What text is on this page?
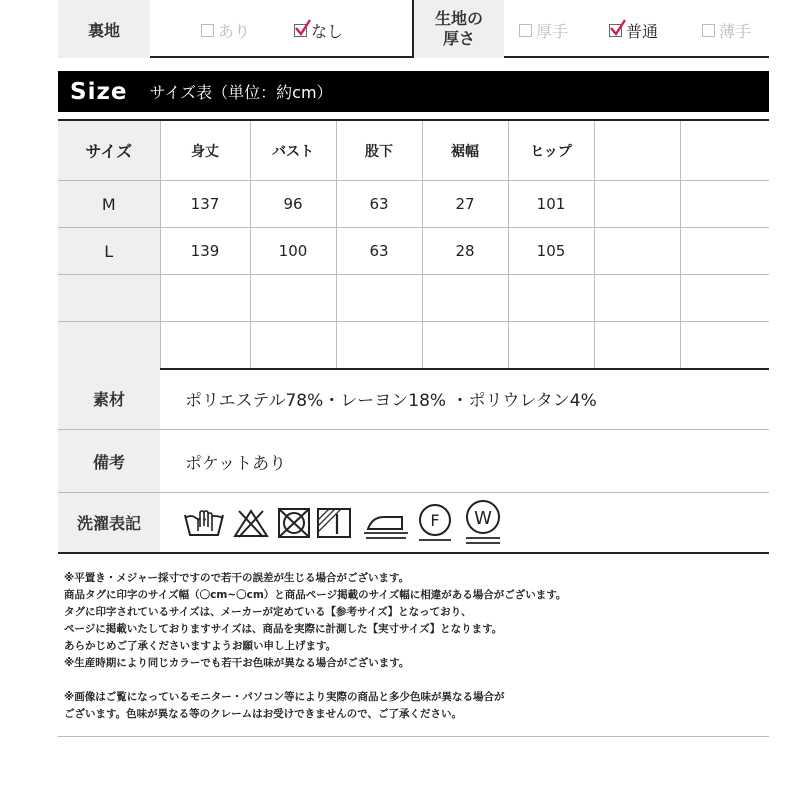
裏地	あり	なし
生地の
厚さ	厚手	普通	薄手
Size サイズ表（単位：約cm）
サイズ	身丈	バスト	股下	裾幅	ヒップ		
M	137	96	63	27	101		
L	139	100	63	28	105		

素材	ポリエステル78%・レーヨン18% ・ポリウレタン4%
備考	ポケットあり
洗濯表記	F W

※平置き・メジャー採寸ですので若干の誤差が生じる場合がございます。

商品タグに印字のサイズ幅（〇cm~〇cm）と商品ページ掲載のサイズ幅に相違がある場合がございます。

タグに印字されているサイズは、メーカーが定めている【参考サイズ】となっており、

ページに掲載いたしておりますサイズは、商品を実際に計測した【実寸サイズ】となります。

あらかじめご了承くださいますようお願い申し上げます。

※生産時期により同じカラーでも若干お色味が異なる場合がございます。

※画像はご覧になっているモニター・パソコン等により実際の商品と多少色味が異なる場合が

ございます。色味が異なる等のクレームはお受けできませんので、ご了承ください。
